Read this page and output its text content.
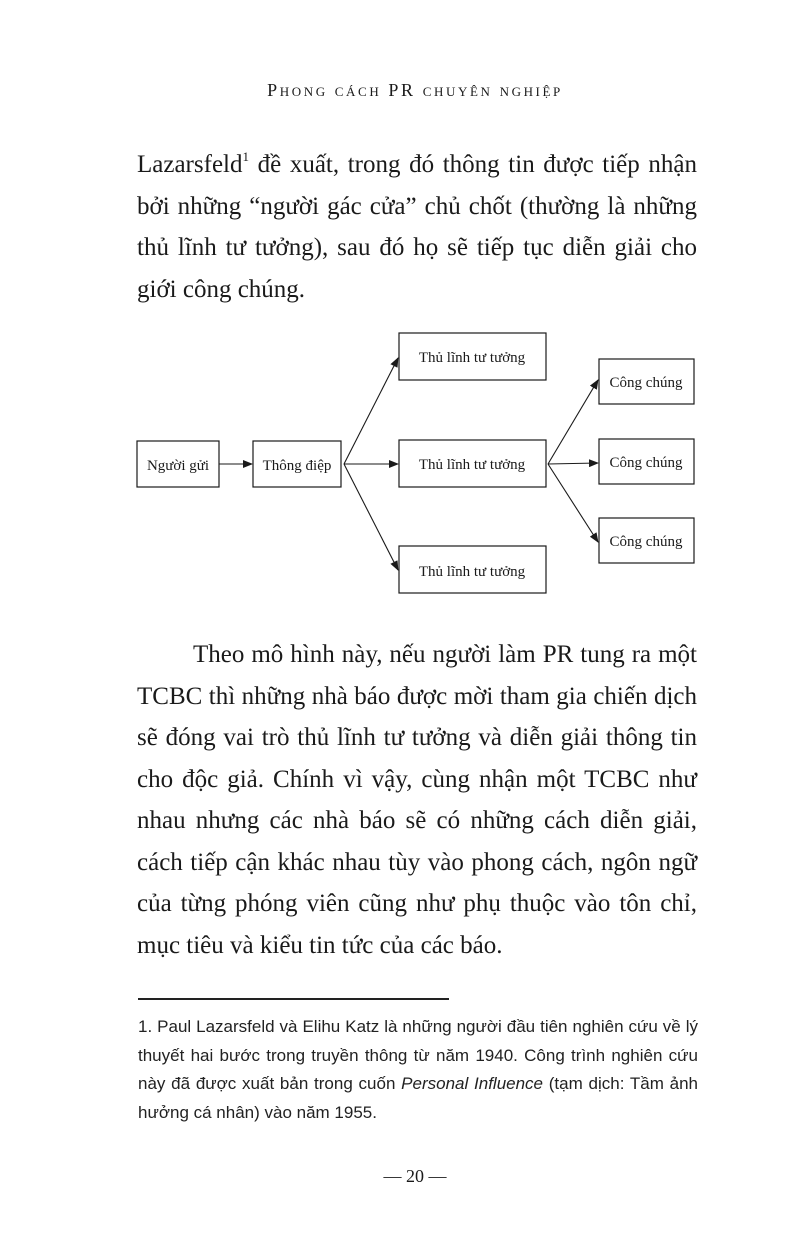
Phong cách PR chuyên nghiệp

Lazarsfeld$^1$ đề xuất, trong đó thông tin được tiếp nhận bởi những “người gác cửa” chủ chốt (thường là những thủ lĩnh tư tưởng), sau đó họ sẽ tiếp tục diễn giải cho giới công chúng.

Người gửi	Thông điệp
Thủ lĩnh tư tưởng
Thủ lĩnh tư tưởng
Thủ lĩnh tư tưởng
Công chúng
Công chúng
Công chúng

Theo mô hình này, nếu người làm PR tung ra một TCBC thì những nhà báo được mời tham gia chiến dịch sẽ đóng vai trò thủ lĩnh tư tưởng và diễn giải thông tin cho độc giả. Chính vì vậy, cùng nhận một TCBC như nhau nhưng các nhà báo sẽ có những cách diễn giải, cách tiếp cận khác nhau tùy vào phong cách, ngôn ngữ của từng phóng viên cũng như phụ thuộc vào tôn chỉ, mục tiêu và kiểu tin tức của các báo.

1. Paul Lazarsfeld và Elihu Katz là những người đầu tiên nghiên cứu về lý thuyết hai bước trong truyền thông từ năm 1940. Công trình nghiên cứu này đã được xuất bản trong cuốn Personal Influence (tạm dịch: Tầm ảnh hưởng cá nhân) vào năm 1955.

— 20 —
